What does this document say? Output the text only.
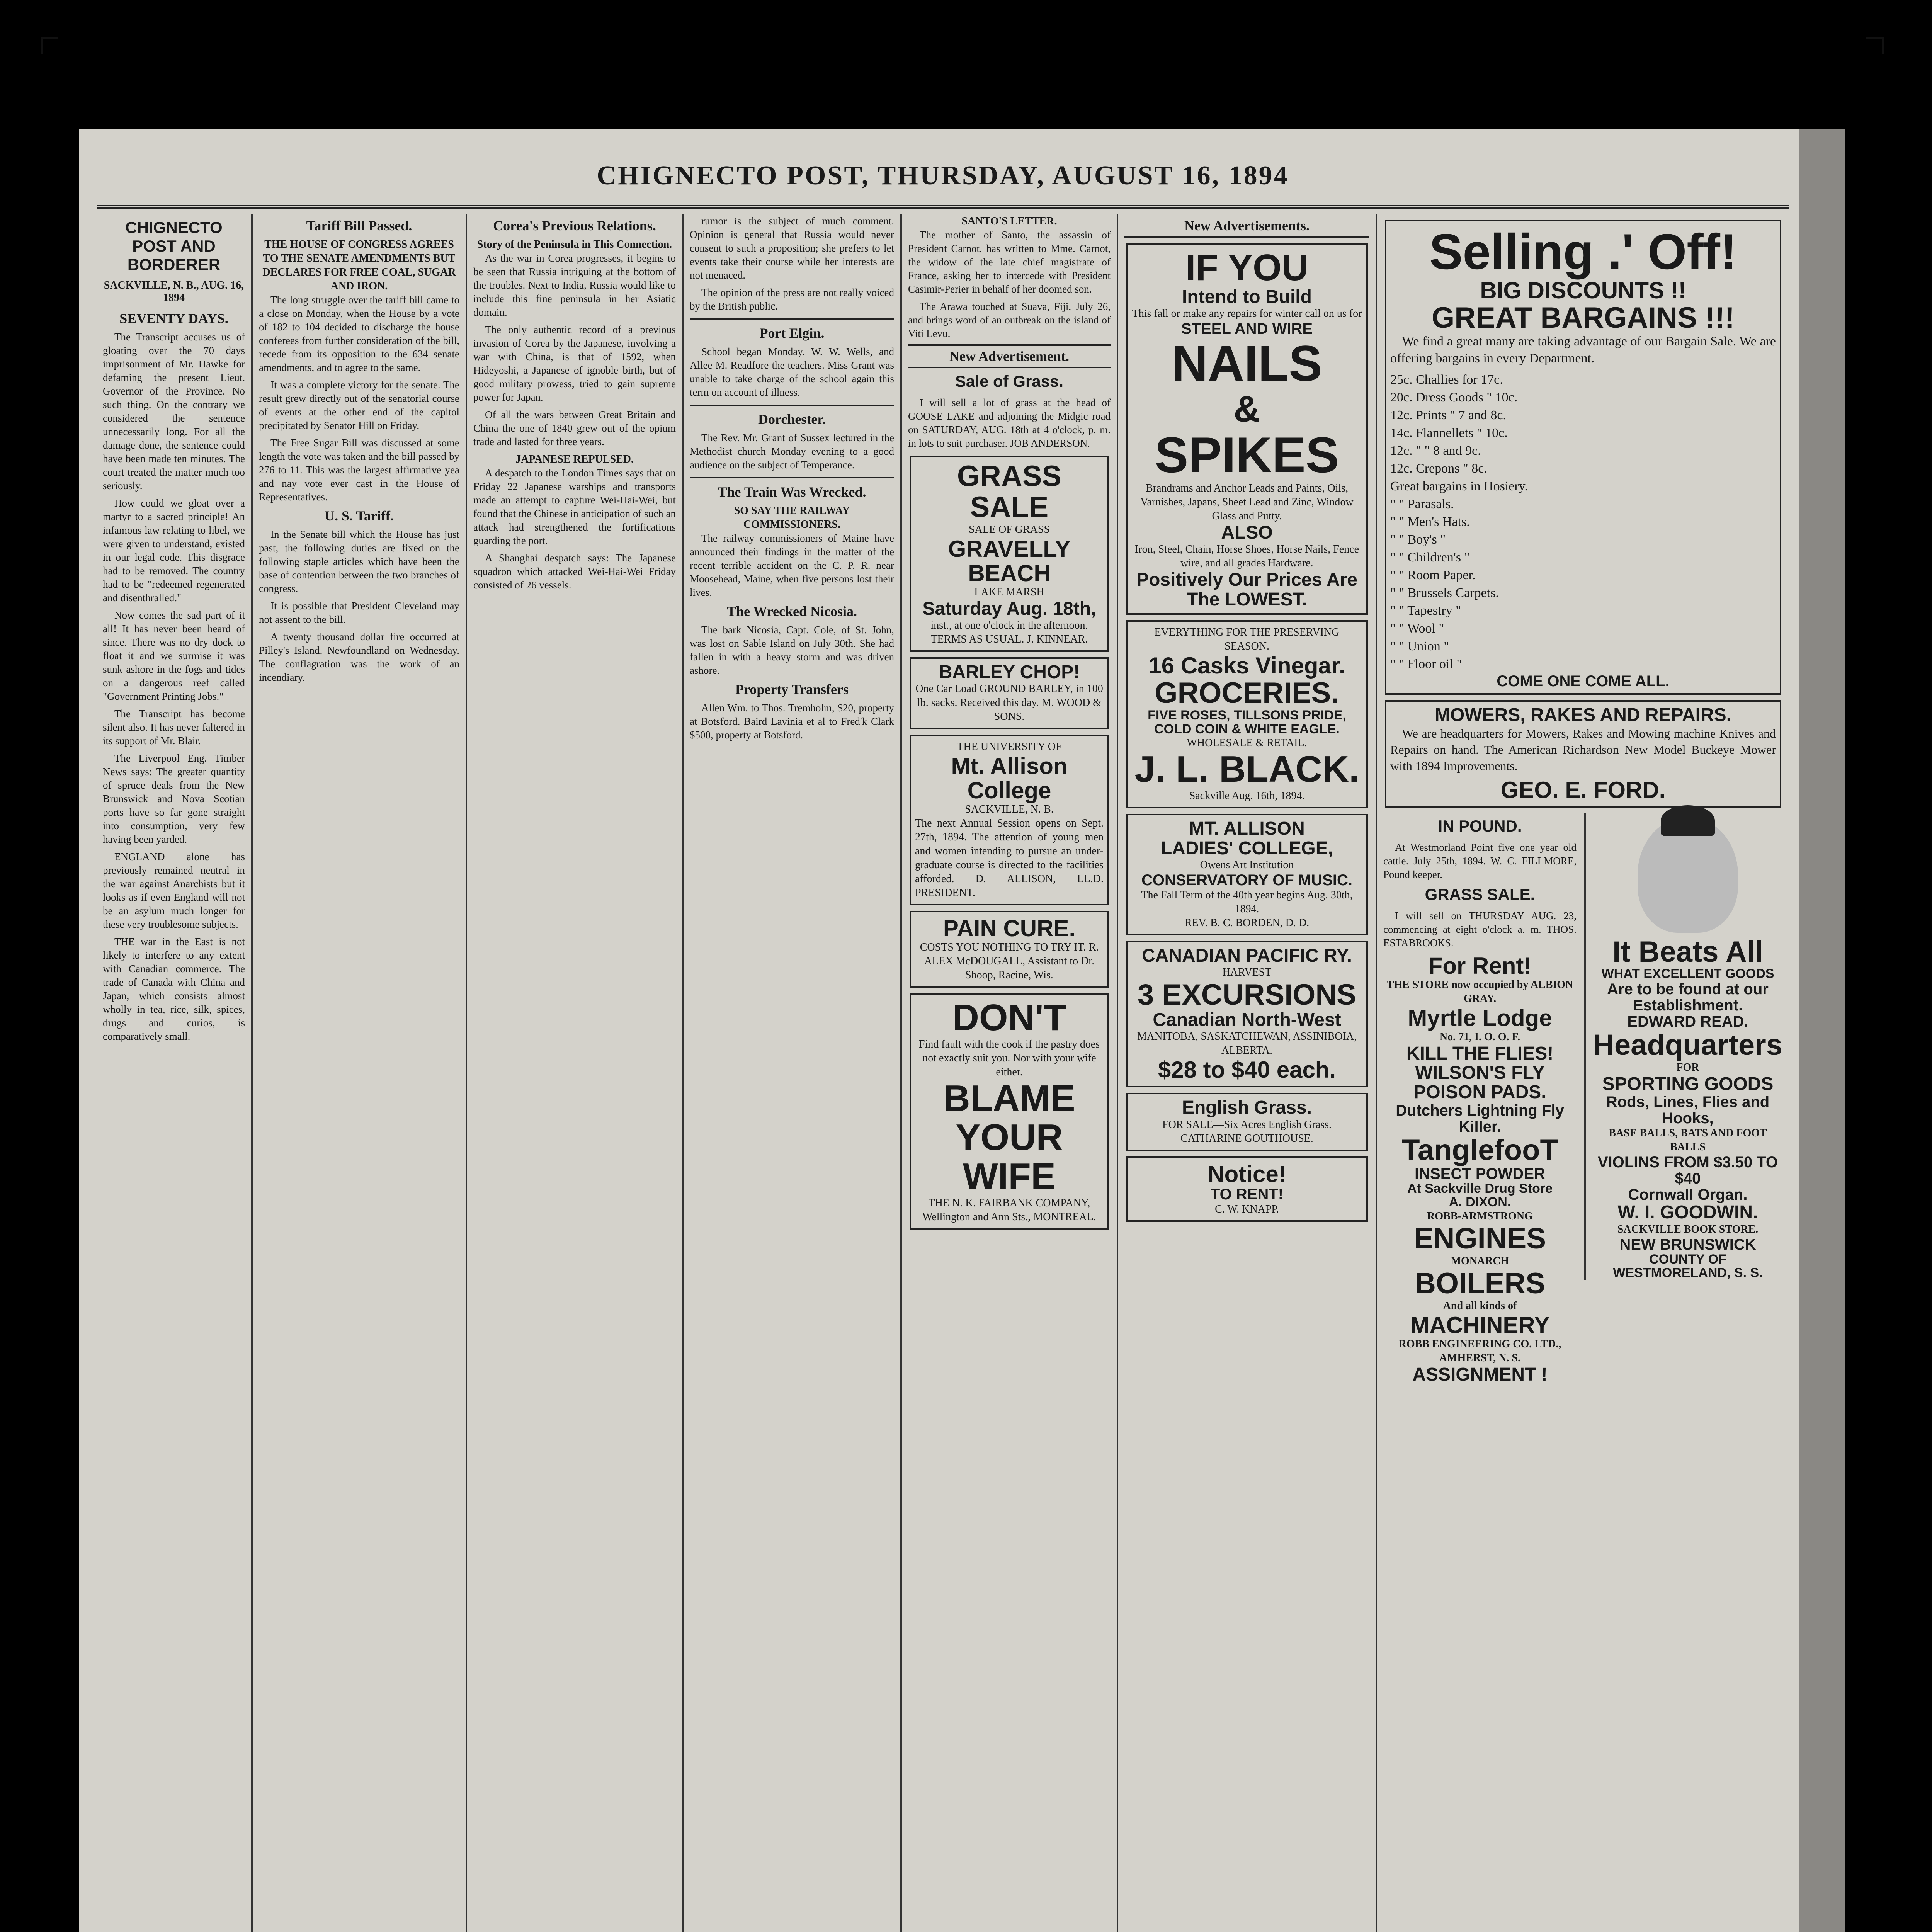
CHIGNECTO POST, THURSDAY, AUGUST 16, 1894
CHIGNECTO POST AND BORDERER
SACKVILLE, N. B., AUG. 16, 1894
SEVENTY DAYS.

The Transcript accuses us of gloating over the 70 days imprisonment of Mr. Hawke for defaming the present Lieut. Governor of the Province. No such thing. On the contrary we considered the sentence unnecessarily long. For all the damage done, the sentence could have been made ten minutes. The court treated the matter much too seriously.

How could we gloat over a martyr to a sacred principle! An infamous law relating to libel, we were given to understand, existed in our legal code. This disgrace had to be removed. The country had to be "redeemed regenerated and disenthralled."

Now comes the sad part of it all! It has never been heard of since. There was no dry dock to float it and we surmise it was sunk ashore in the fogs and tides on a dangerous reef called "Government Printing Jobs."

The Transcript has become silent also. It has never faltered in its support of Mr. Blair.

The Liverpool Eng. Timber News says: The greater quantity of spruce deals from the New Brunswick and Nova Scotian ports have so far gone straight into consumption, very few having been yarded.

ENGLAND alone has previously remained neutral in the war against Anarchists but it looks as if even England will not be an asylum much longer for these very troublesome subjects.

THE war in the East is not likely to interfere to any extent with Canadian commerce. The trade of Canada with China and Japan, which consists almost wholly in tea, rice, silk, spices, drugs and curios, is comparatively small.

Tariff Bill Passed.
THE HOUSE OF CONGRESS AGREES TO THE SENATE AMENDMENTS BUT DECLARES FOR FREE COAL, SUGAR AND IRON.

The long struggle over the tariff bill came to a close on Monday, when the House by a vote of 182 to 104 decided to discharge the house conferees from further consideration of the bill, recede from its opposition to the 634 senate amendments, and to agree to the same.

It was a complete victory for the senate. The result grew directly out of the senatorial course of events at the other end of the capitol precipitated by Senator Hill on Friday.

The Free Sugar Bill was discussed at some length the vote was taken and the bill passed by 276 to 11. This was the largest affirmative yea and nay vote ever cast in the House of Representatives.

U. S. Tariff.

In the Senate bill which the House has just past, the following duties are fixed on the following staple articles which have been the base of contention between the two branches of congress.

It is possible that President Cleveland may not assent to the bill.

A twenty thousand dollar fire occurred at Pilley's Island, Newfoundland on Wednesday. The conflagration was the work of an incendiary.

Corea's Previous Relations.
Story of the Peninsula in This Connection.

As the war in Corea progresses, it begins to be seen that Russia intriguing at the bottom of the troubles. Next to India, Russia would like to include this fine peninsula in her Asiatic domain.

The only authentic record of a previous invasion of Corea by the Japanese, involving a war with China, is that of 1592, when Hideyoshi, a Japanese of ignoble birth, but of good military prowess, tried to gain supreme power for Japan.

Of all the wars between Great Britain and China the one of 1840 grew out of the opium trade and lasted for three years.

JAPANESE REPULSED.

A despatch to the London Times says that on Friday 22 Japanese warships and transports made an attempt to capture Wei-Hai-Wei, but found that the Chinese in anticipation of such an attack had strengthened the fortifications guarding the port.

A Shanghai despatch says: The Japanese squadron which attacked Wei-Hai-Wei Friday consisted of 26 vessels.

rumor is the subject of much comment. Opinion is general that Russia would never consent to such a proposition; she prefers to let events take their course while her interests are not menaced.

The opinion of the press are not really voiced by the British public.

Port Elgin.

School began Monday. W. W. Wells, and Allee M. Readfore the teachers. Miss Grant was unable to take charge of the school again this term on account of illness.

Dorchester.

The Rev. Mr. Grant of Sussex lectured in the Methodist church Monday evening to a good audience on the subject of Temperance.

The Train Was Wrecked.
SO SAY THE RAILWAY COMMISSIONERS.

The railway commissioners of Maine have announced their findings in the matter of the recent terrible accident on the C. P. R. near Moosehead, Maine, when five persons lost their lives.

The Wrecked Nicosia.

The bark Nicosia, Capt. Cole, of St. John, was lost on Sable Island on July 30th. She had fallen in with a heavy storm and was driven ashore.

Property Transfers

Allen Wm. to Thos. Tremholm, $20, property at Botsford. Baird Lavinia et al to Fred'k Clark $500, property at Botsford.

SANTO'S LETTER.

The mother of Santo, the assassin of President Carnot, has written to Mme. Carnot, the widow of the late chief magistrate of France, asking her to intercede with President Casimir-Perier in behalf of her doomed son.

The Arawa touched at Suava, Fiji, July 26, and brings word of an outbreak on the island of Viti Levu.

New Advertisement.
Sale of Grass.

I will sell a lot of grass at the head of GOOSE LAKE and adjoining the Midgic road on SATURDAY, AUG. 18th at 4 o'clock, p. m. in lots to suit purchaser. JOB ANDERSON.

GRASS SALE
SALE OF GRASS
GRAVELLY BEACH
LAKE MARSH
Saturday Aug. 18th,
inst., at one o'clock in the afternoon. TERMS AS USUAL. J. KINNEAR.
BARLEY CHOP!
One Car Load GROUND BARLEY, in 100 lb. sacks. Received this day. M. WOOD & SONS.
THE UNIVERSITY OF
Mt. Allison College
SACKVILLE, N. B.
The next Annual Session opens on Sept. 27th, 1894. The attention of young men and women intending to pursue an under-graduate course is directed to the facilities afforded. D. ALLISON, LL.D. PRESIDENT.
PAIN CURE.
COSTS YOU NOTHING TO TRY IT. R. ALEX McDOUGALL, Assistant to Dr. Shoop, Racine, Wis.
DON'T
Find fault with the cook if the pastry does not exactly suit you. Nor with your wife either.
BLAME
YOUR
WIFE
THE N. K. FAIRBANK COMPANY, Wellington and Ann Sts., MONTREAL.
New Advertisements.
IF YOU
Intend to Build
This fall or make any repairs for winter call on us for
STEEL AND WIRE
NAILS
&
SPIKES
Brandrams and Anchor Leads and Paints, Oils, Varnishes, Japans, Sheet Lead and Zinc, Window Glass and Putty.
ALSO
Iron, Steel, Chain, Horse Shoes, Horse Nails, Fence wire, and all grades Hardware.
Positively Our Prices Are The LOWEST.
EVERYTHING FOR THE PRESERVING SEASON.
16 Casks Vinegar.
GROCERIES.
FIVE ROSES, TILLSONS PRIDE, COLD COIN & WHITE EAGLE.
WHOLESALE & RETAIL.
J. L. BLACK.
Sackville Aug. 16th, 1894.
MT. ALLISON
LADIES' COLLEGE,
Owens Art Institution
CONSERVATORY OF MUSIC.
The Fall Term of the 40th year begins Aug. 30th, 1894.
REV. B. C. BORDEN, D. D.
CANADIAN PACIFIC RY.
HARVEST
3 EXCURSIONS
Canadian North-West
MANITOBA, SASKATCHEWAN, ASSINIBOIA, ALBERTA.
$28 to $40 each.
English Grass.
FOR SALE—Six Acres English Grass. CATHARINE GOUTHOUSE.
Notice!
TO RENT!
C. W. KNAPP.
Selling .' Off!
BIG DISCOUNTS !!
GREAT BARGAINS !!!

We find a great many are taking advantage of our Bargain Sale. We are offering bargains in every Department.

25c. Challies for 17c.
20c. Dress Goods " 10c.
12c. Prints " 7 and 8c.
14c. Flannellets " 10c.
12c. " " 8 and 9c.
12c. Crepons " 8c.
Great bargains in Hosiery.
" " Parasals.
" " Men's Hats.
" " Boy's "
" " Children's "
" " Room Paper.
" " Brussels Carpets.
" " Tapestry "
" " Wool "
" " Union "
" " Floor oil "
COME ONE COME ALL.
MOWERS, RAKES AND REPAIRS.

We are headquarters for Mowers, Rakes and Mowing machine Knives and Repairs on hand. The American Richardson New Model Buckeye Mower with 1894 Improvements.

GEO. E. FORD.
IN POUND.

At Westmorland Point five one year old cattle. July 25th, 1894. W. C. FILLMORE, Pound keeper.

GRASS SALE.

I will sell on THURSDAY AUG. 23, commencing at eight o'clock a. m. THOS. ESTABROOKS.

For Rent!
THE STORE now occupied by ALBION GRAY.
Myrtle Lodge
No. 71, I. O. O. F.
KILL THE FLIES!
WILSON'S FLY POISON PADS.
Dutchers Lightning Fly Killer.
TanglefooT
INSECT POWDER
At Sackville Drug Store
A. DIXON.
ROBB-ARMSTRONG
ENGINES
MONARCH
BOILERS
And all kinds of
MACHINERY
ROBB ENGINEERING CO. LTD., AMHERST, N. S.
ASSIGNMENT !
It Beats All
WHAT EXCELLENT GOODS
Are to be found at our Establishment.
EDWARD READ.
Headquarters
FOR
SPORTING GOODS
Rods, Lines, Flies and Hooks,
BASE BALLS, BATS AND FOOT BALLS
VIOLINS FROM $3.50 TO $40
Cornwall Organ.
W. I. GOODWIN.
SACKVILLE BOOK STORE.
NEW BRUNSWICK
COUNTY OF WESTMORELAND, S. S.
